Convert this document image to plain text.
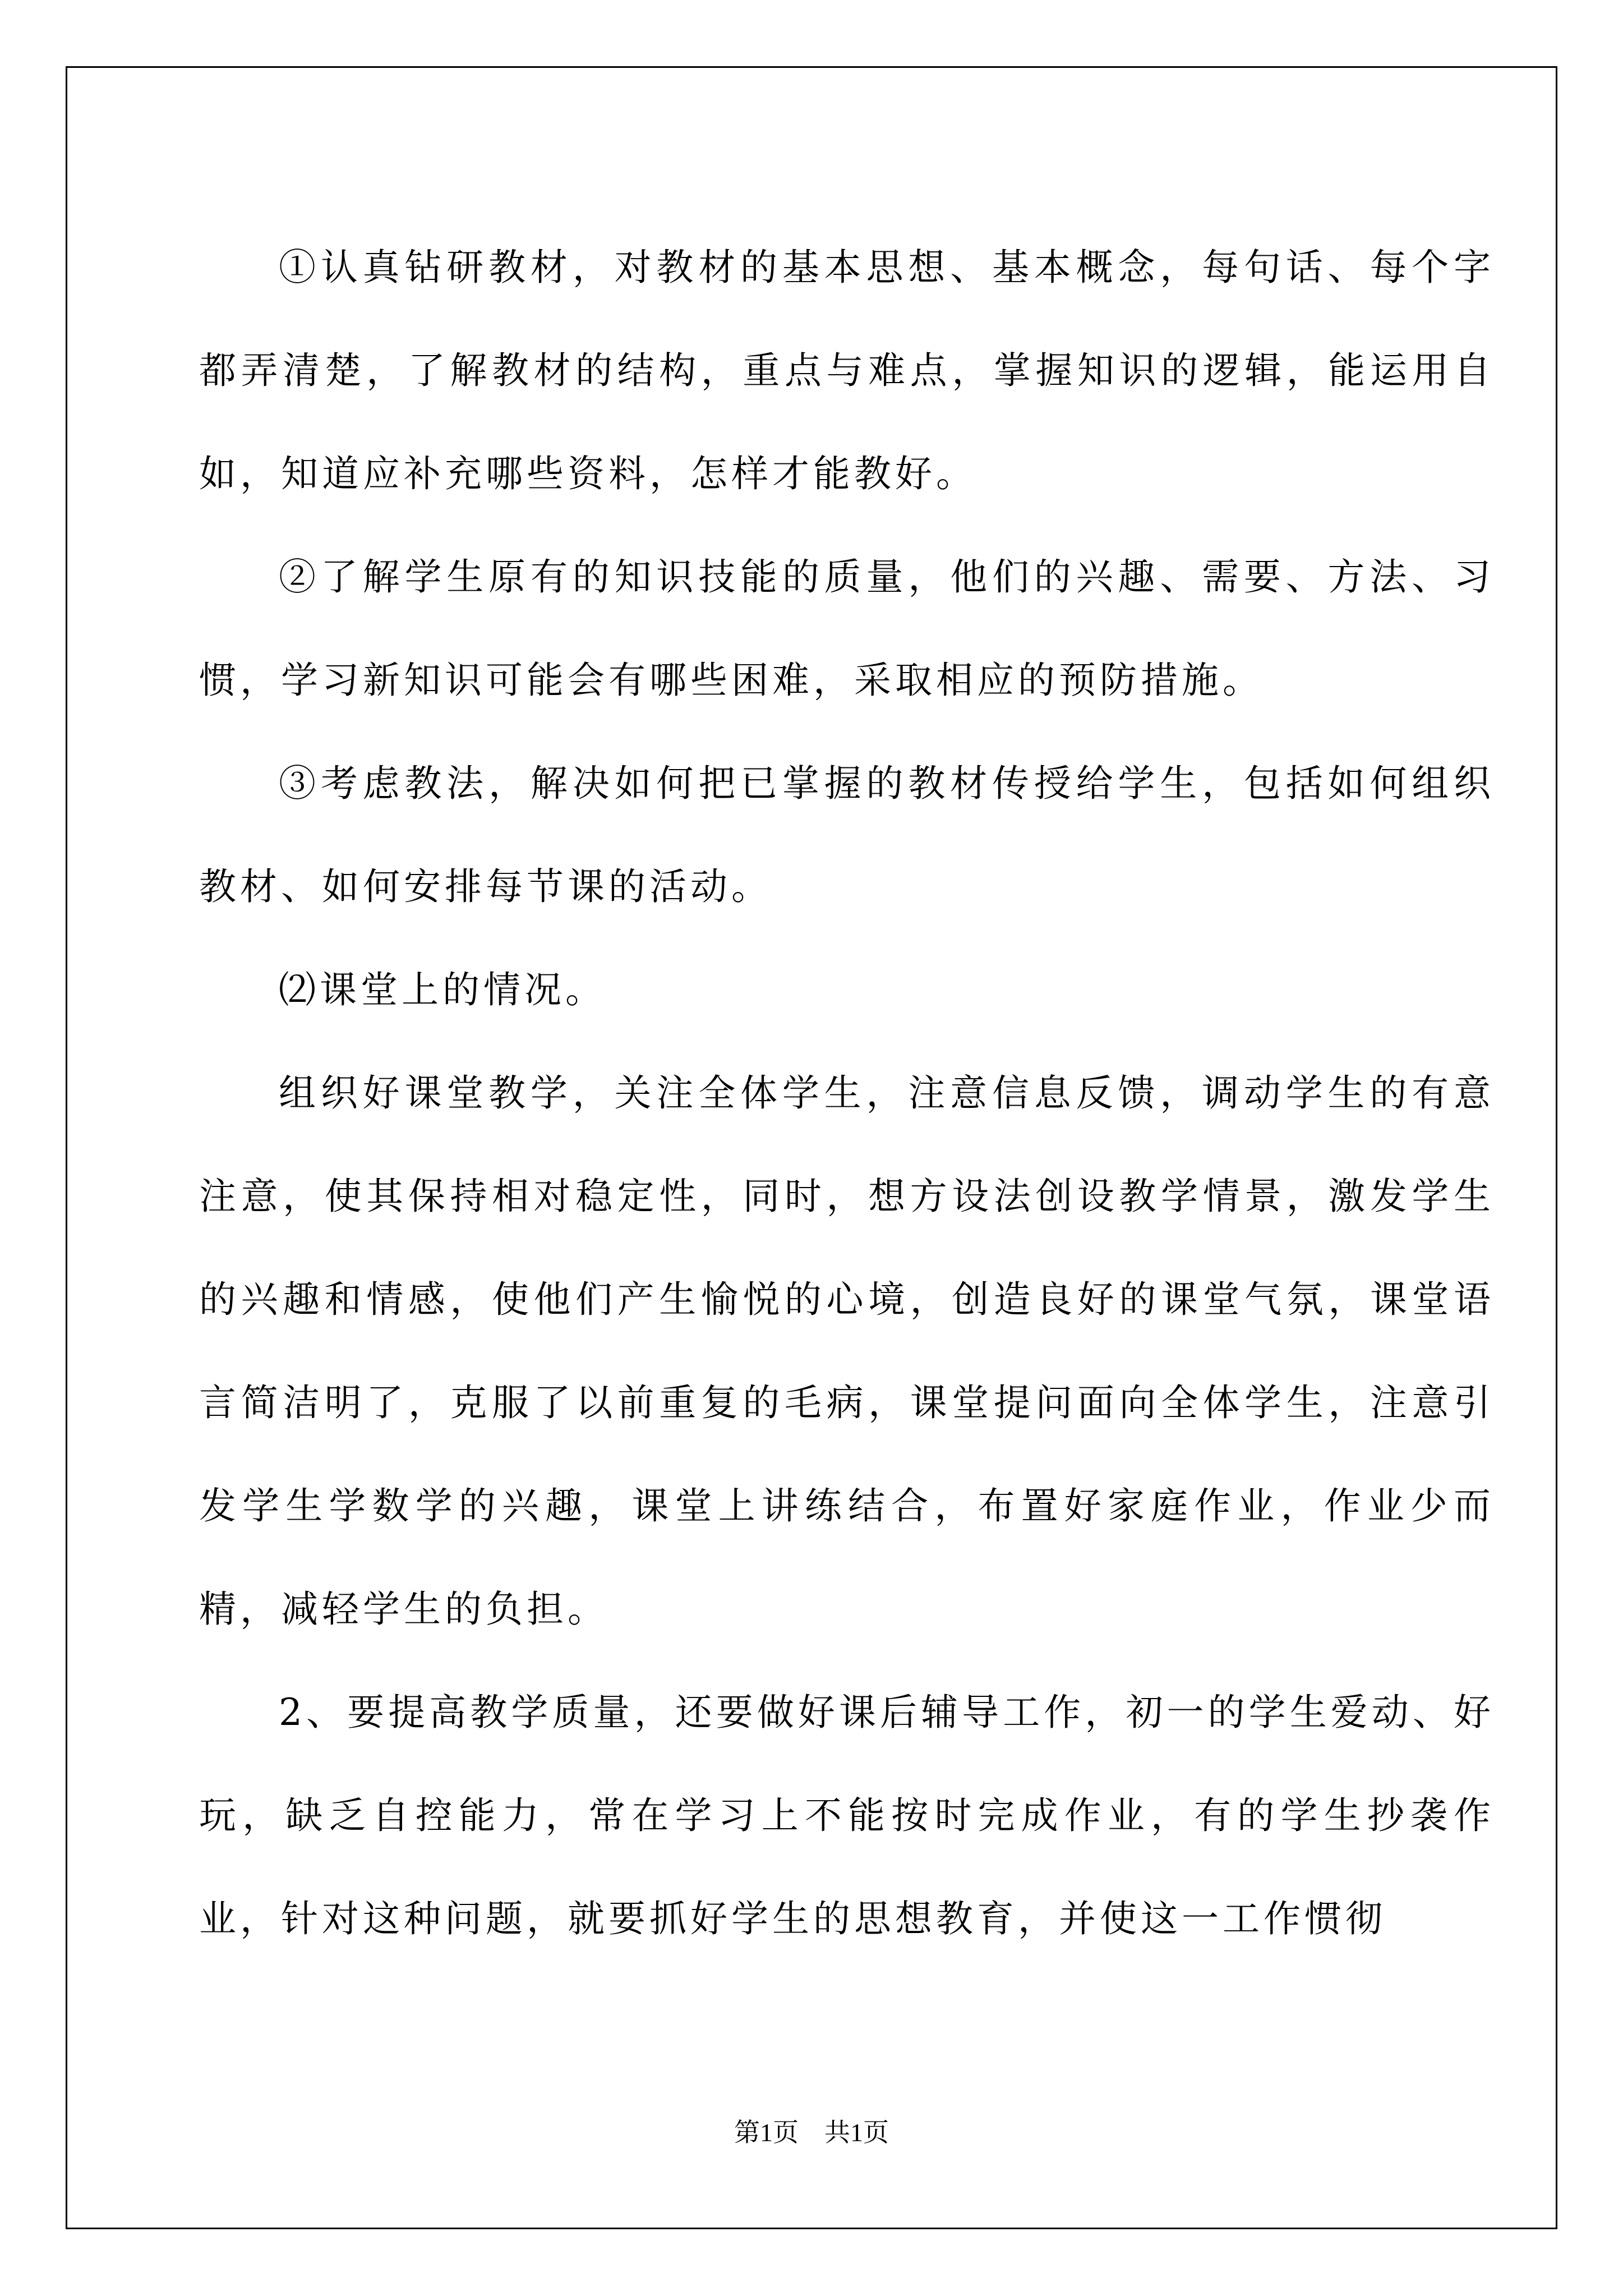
①认真钻研教材，对教材的基本思想、基本概念，每句话、每个字都弄清楚，了解教材的结构，重点与难点，掌握知识的逻辑，能运用自如，知道应补充哪些资料，怎样才能教好。

②了解学生原有的知识技能的质量，他们的兴趣、需要、方法、习惯，学习新知识可能会有哪些困难，采取相应的预防措施。

③考虑教法，解决如何把已掌握的教材传授给学生，包括如何组织教材、如何安排每节课的活动。

⑵课堂上的情况。

组织好课堂教学，关注全体学生，注意信息反馈，调动学生的有意注意，使其保持相对稳定性，同时，想方设法创设教学情景，激发学生的兴趣和情感，使他们产生愉悦的心境，创造良好的课堂气氛，课堂语言简洁明了，克服了以前重复的毛病，课堂提问面向全体学生，注意引发学生学数学的兴趣，课堂上讲练结合，布置好家庭作业，作业少而精，减轻学生的负担。

2、要提高教学质量，还要做好课后辅导工作，初一的学生爱动、好玩，缺乏自控能力，常在学习上不能按时完成作业，有的学生抄袭作业，针对这种问题，就要抓好学生的思想教育，并使这一工作惯彻

第1页　共1页
